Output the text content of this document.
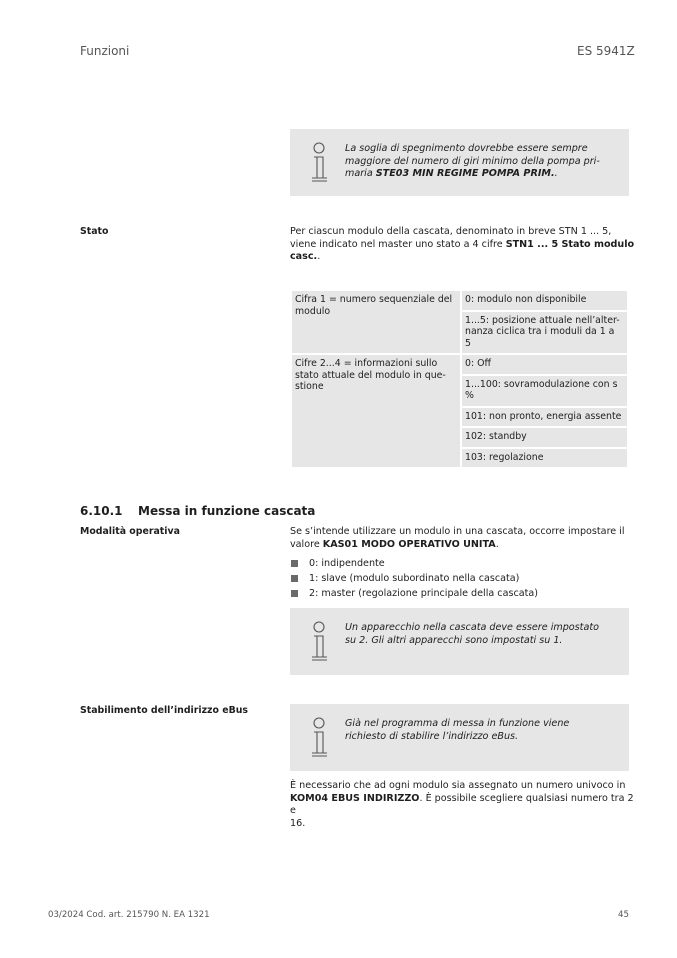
Funzioni	ES 5941Z
La soglia di spegnimento dovrebbe essere sempre
maggiore del numero di giri minimo della pompa pri-
maria STE03 MIN REGIME POMPA PRIM..
Stato	Per ciascun modulo della cascata, denominato in breve STN 1 ... 5,
viene indicato nel master uno stato a 4 cifre STN1 ... 5 Stato modulo
casc..
Cifra 1 = numero sequenziale del modulo	0: modulo non disponibile
	1...5: posizione attuale nell’alter-nanza ciclica tra i moduli da 1 a 5
Cifre 2...4 = informazioni sullo stato attuale del modulo in que-stione	0: Off
	1...100: sovramodulazione con s %
	101: non pronto, energia assente
	102: standby
	103: regolazione
6.10.1 Messa in funzione cascata
Modalità operativa	Se s’intende utilizzare un modulo in una cascata, occorre impostare il
valore KAS01 MODO OPERATIVO UNITA.
0: indipendente
1: slave (modulo subordinato nella cascata)
2: master (regolazione principale della cascata)
Un apparecchio nella cascata deve essere impostato
su 2. Gli altri apparecchi sono impostati su 1.
Stabilimento dell’indirizzo eBus
Già nel programma di messa in funzione viene
richiesto di stabilire l’indirizzo eBus.
È necessario che ad ogni modulo sia assegnato un numero univoco in
KOM04 EBUS INDIRIZZO. È possibile scegliere qualsiasi numero tra 2 e
16.
03/2024 Cod. art. 215790 N. EA 1321	45
